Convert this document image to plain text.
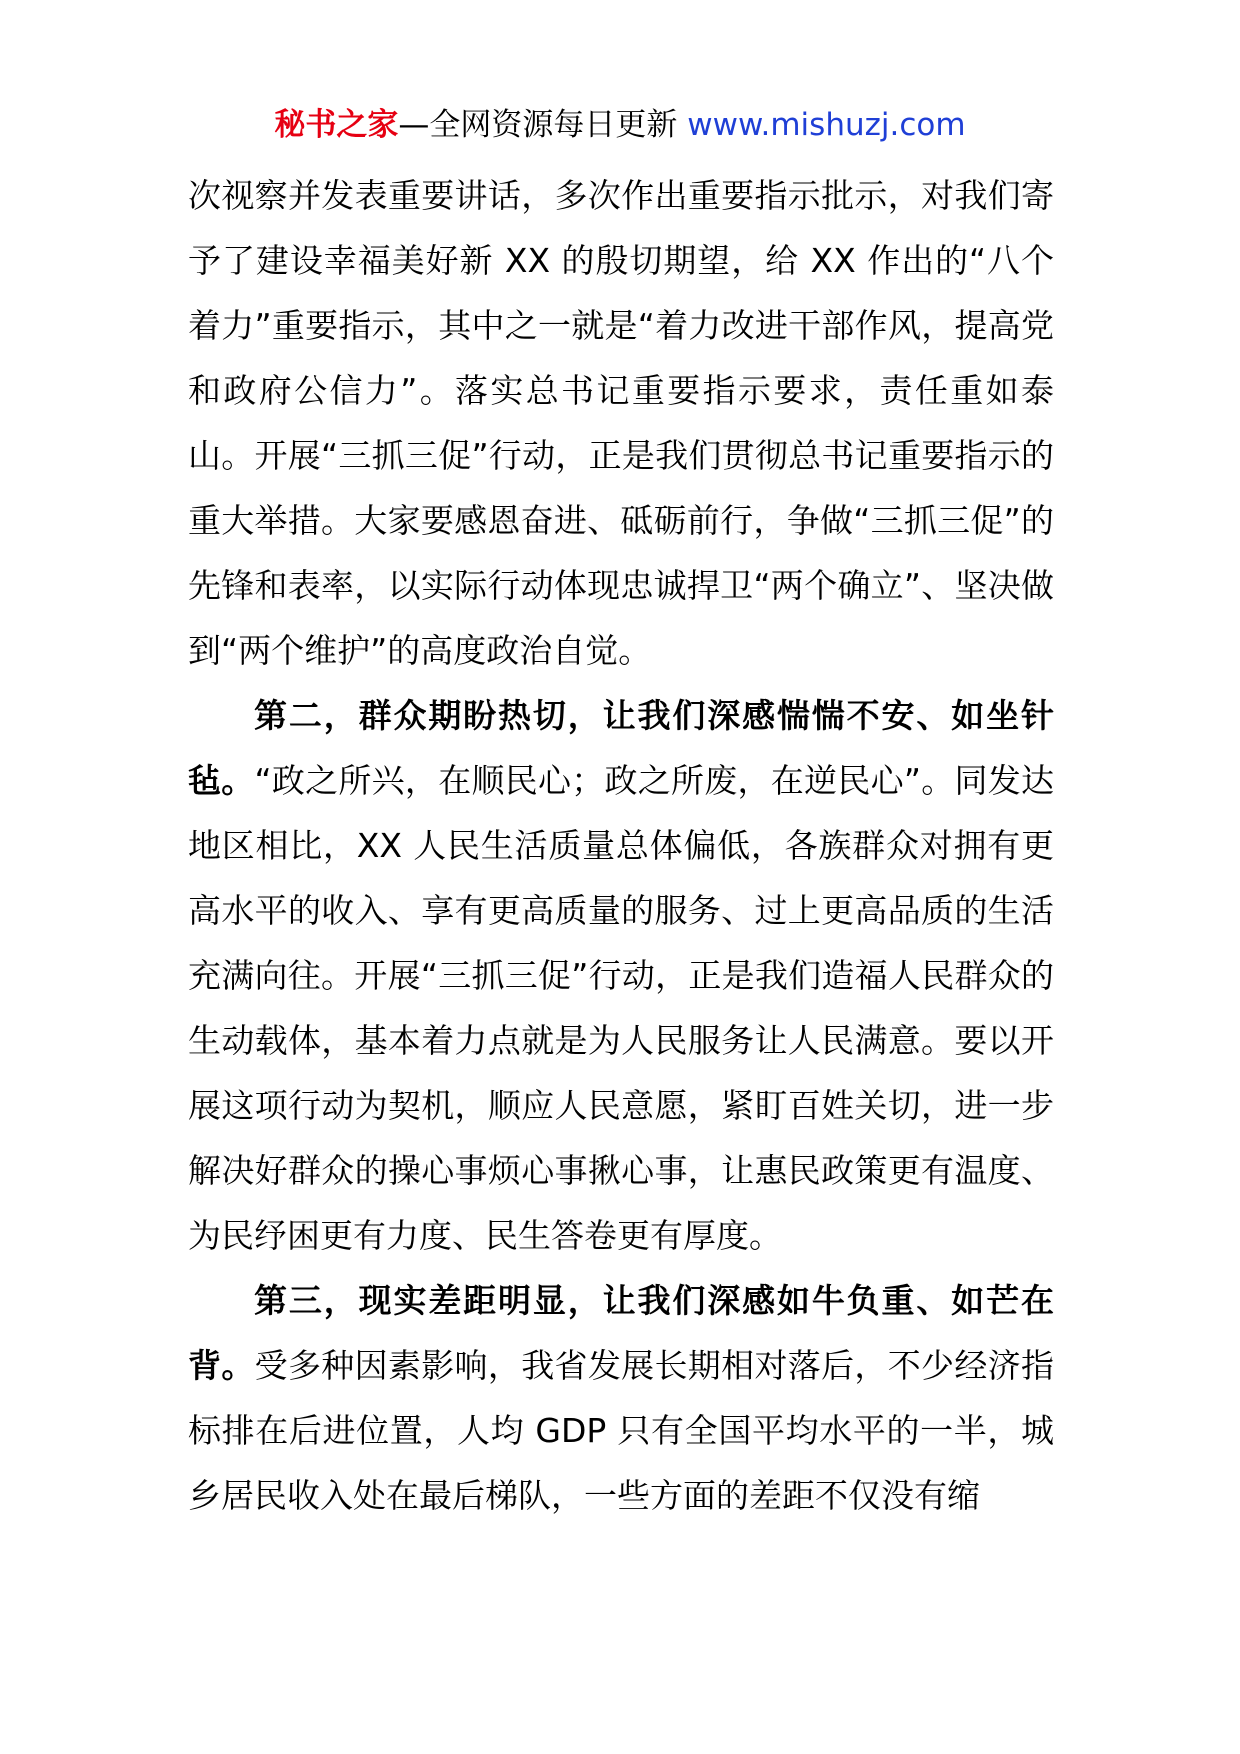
秘书之家—全网资源每日更新 www.mishuzj.com

次视察并发表重要讲话，多次作出重要指示批示，对我们寄予了建设幸福美好新 XX 的殷切期望，给 XX 作出的“八个着力”重要指示，其中之一就是“着力改进干部作风，提高党和政府公信力”。落实总书记重要指示要求，责任重如泰山。开展“三抓三促”行动，正是我们贯彻总书记重要指示的重大举措。大家要感恩奋进、砥砺前行，争做“三抓三促”的先锋和表率，以实际行动体现忠诚捍卫“两个确立”、坚决做到“两个维护”的高度政治自觉。

第二，群众期盼热切，让我们深感惴惴不安、如坐针毡。“政之所兴，在顺民心；政之所废，在逆民心”。同发达地区相比，XX 人民生活质量总体偏低，各族群众对拥有更高水平的收入、享有更高质量的服务、过上更高品质的生活充满向往。开展“三抓三促”行动，正是我们造福人民群众的生动载体，基本着力点就是为人民服务让人民满意。要以开展这项行动为契机，顺应人民意愿，紧盯百姓关切，进一步解决好群众的操心事烦心事揪心事，让惠民政策更有温度、为民纾困更有力度、民生答卷更有厚度。

第三，现实差距明显，让我们深感如牛负重、如芒在背。受多种因素影响，我省发展长期相对落后，不少经济指标排在后进位置，人均 GDP 只有全国平均水平的一半，城乡居民收入处在最后梯队，一些方面的差距不仅没有缩
